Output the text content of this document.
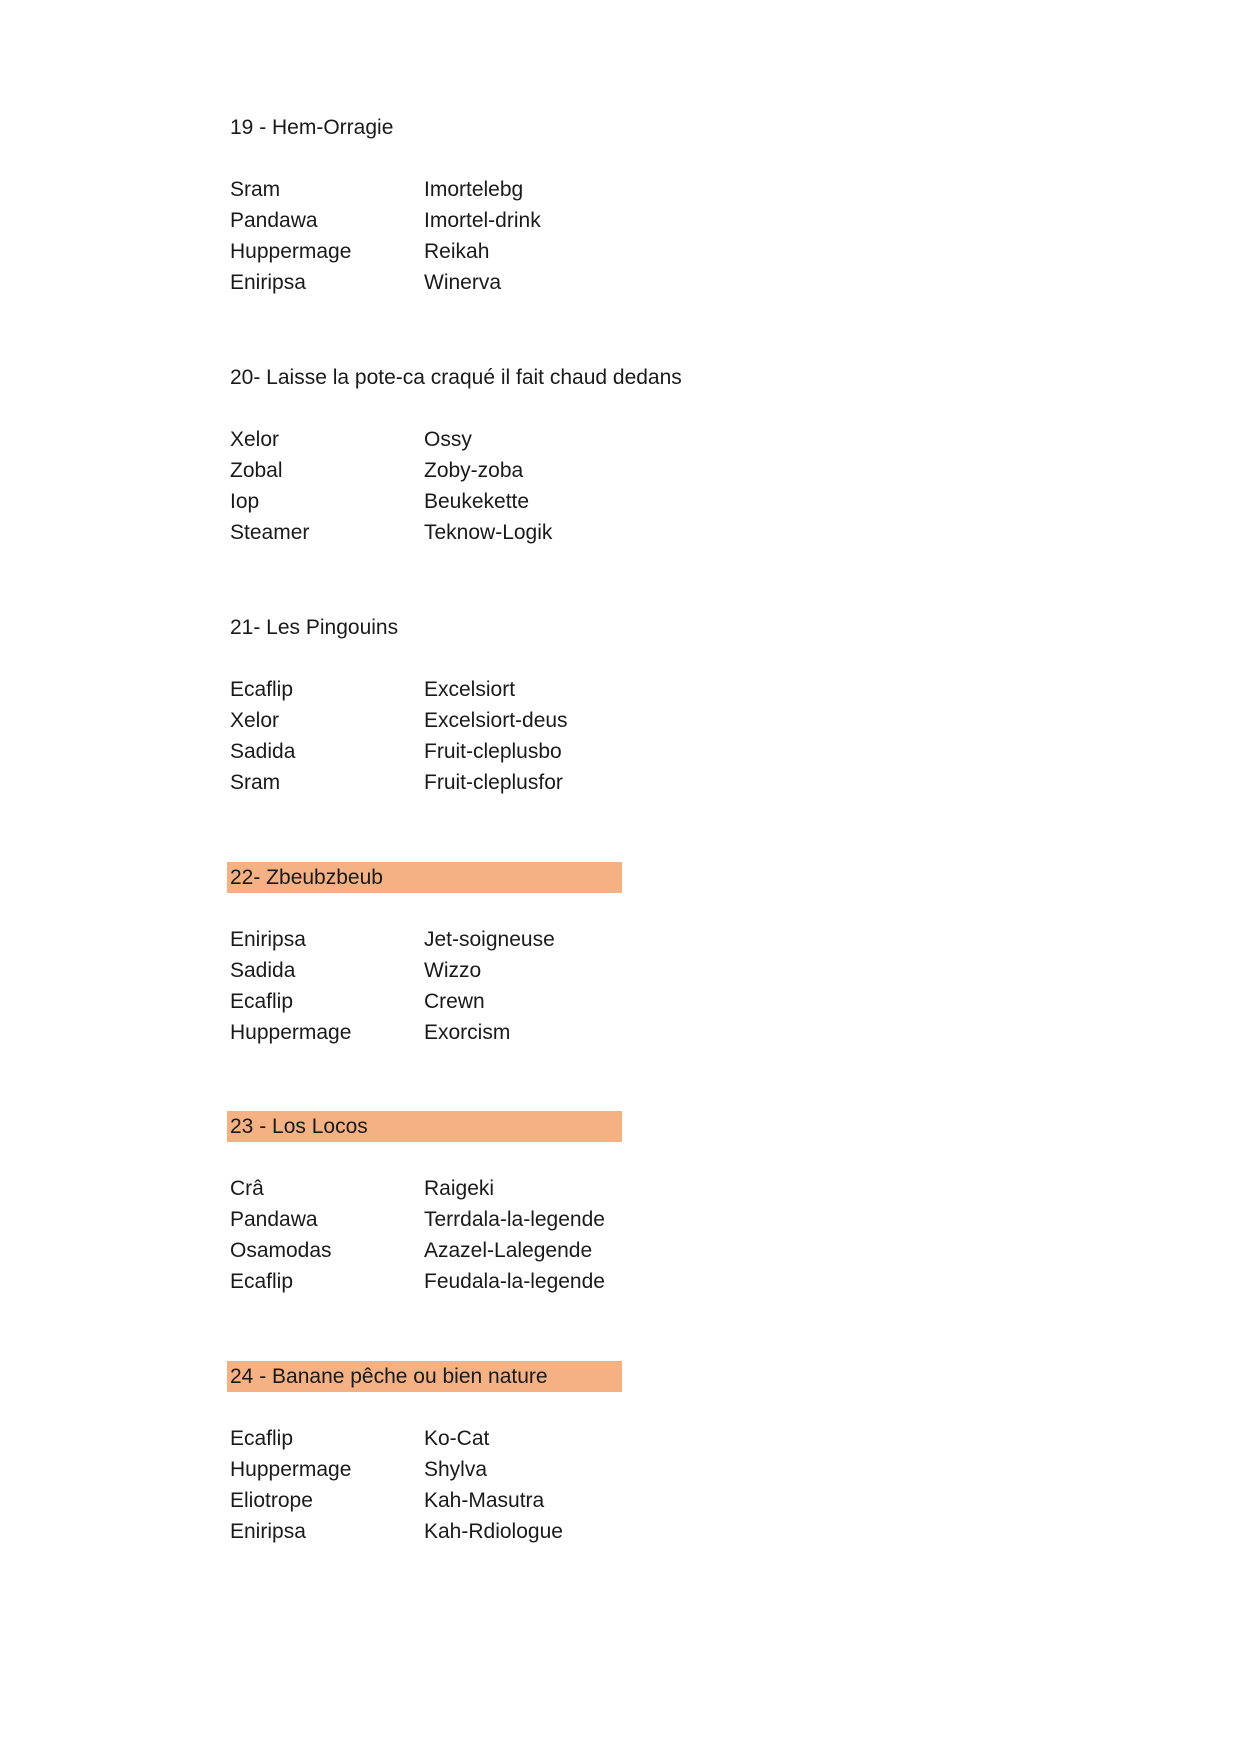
19 - Hem-Orragie
Sram	Imortelebg
Pandawa	Imortel-drink
Huppermage	Reikah
Eniripsa	Winerva
20- Laisse la pote-ca craqué il fait chaud dedans
Xelor	Ossy
Zobal	Zoby-zoba
Iop	Beukekette
Steamer	Teknow-Logik
21- Les Pingouins
Ecaflip	Excelsiort
Xelor	Excelsiort-deus
Sadida	Fruit-cleplusbo
Sram	Fruit-cleplusfor
22- Zbeubzbeub
Eniripsa	Jet-soigneuse
Sadida	Wizzo
Ecaflip	Crewn
Huppermage	Exorcism
23 - Los Locos
Crâ	Raigeki
Pandawa	Terrdala-la-legende
Osamodas	Azazel-Lalegende
Ecaflip	Feudala-la-legende
24 - Banane pêche ou bien nature
Ecaflip	Ko-Cat
Huppermage	Shylva
Eliotrope	Kah-Masutra
Eniripsa	Kah-Rdiologue
